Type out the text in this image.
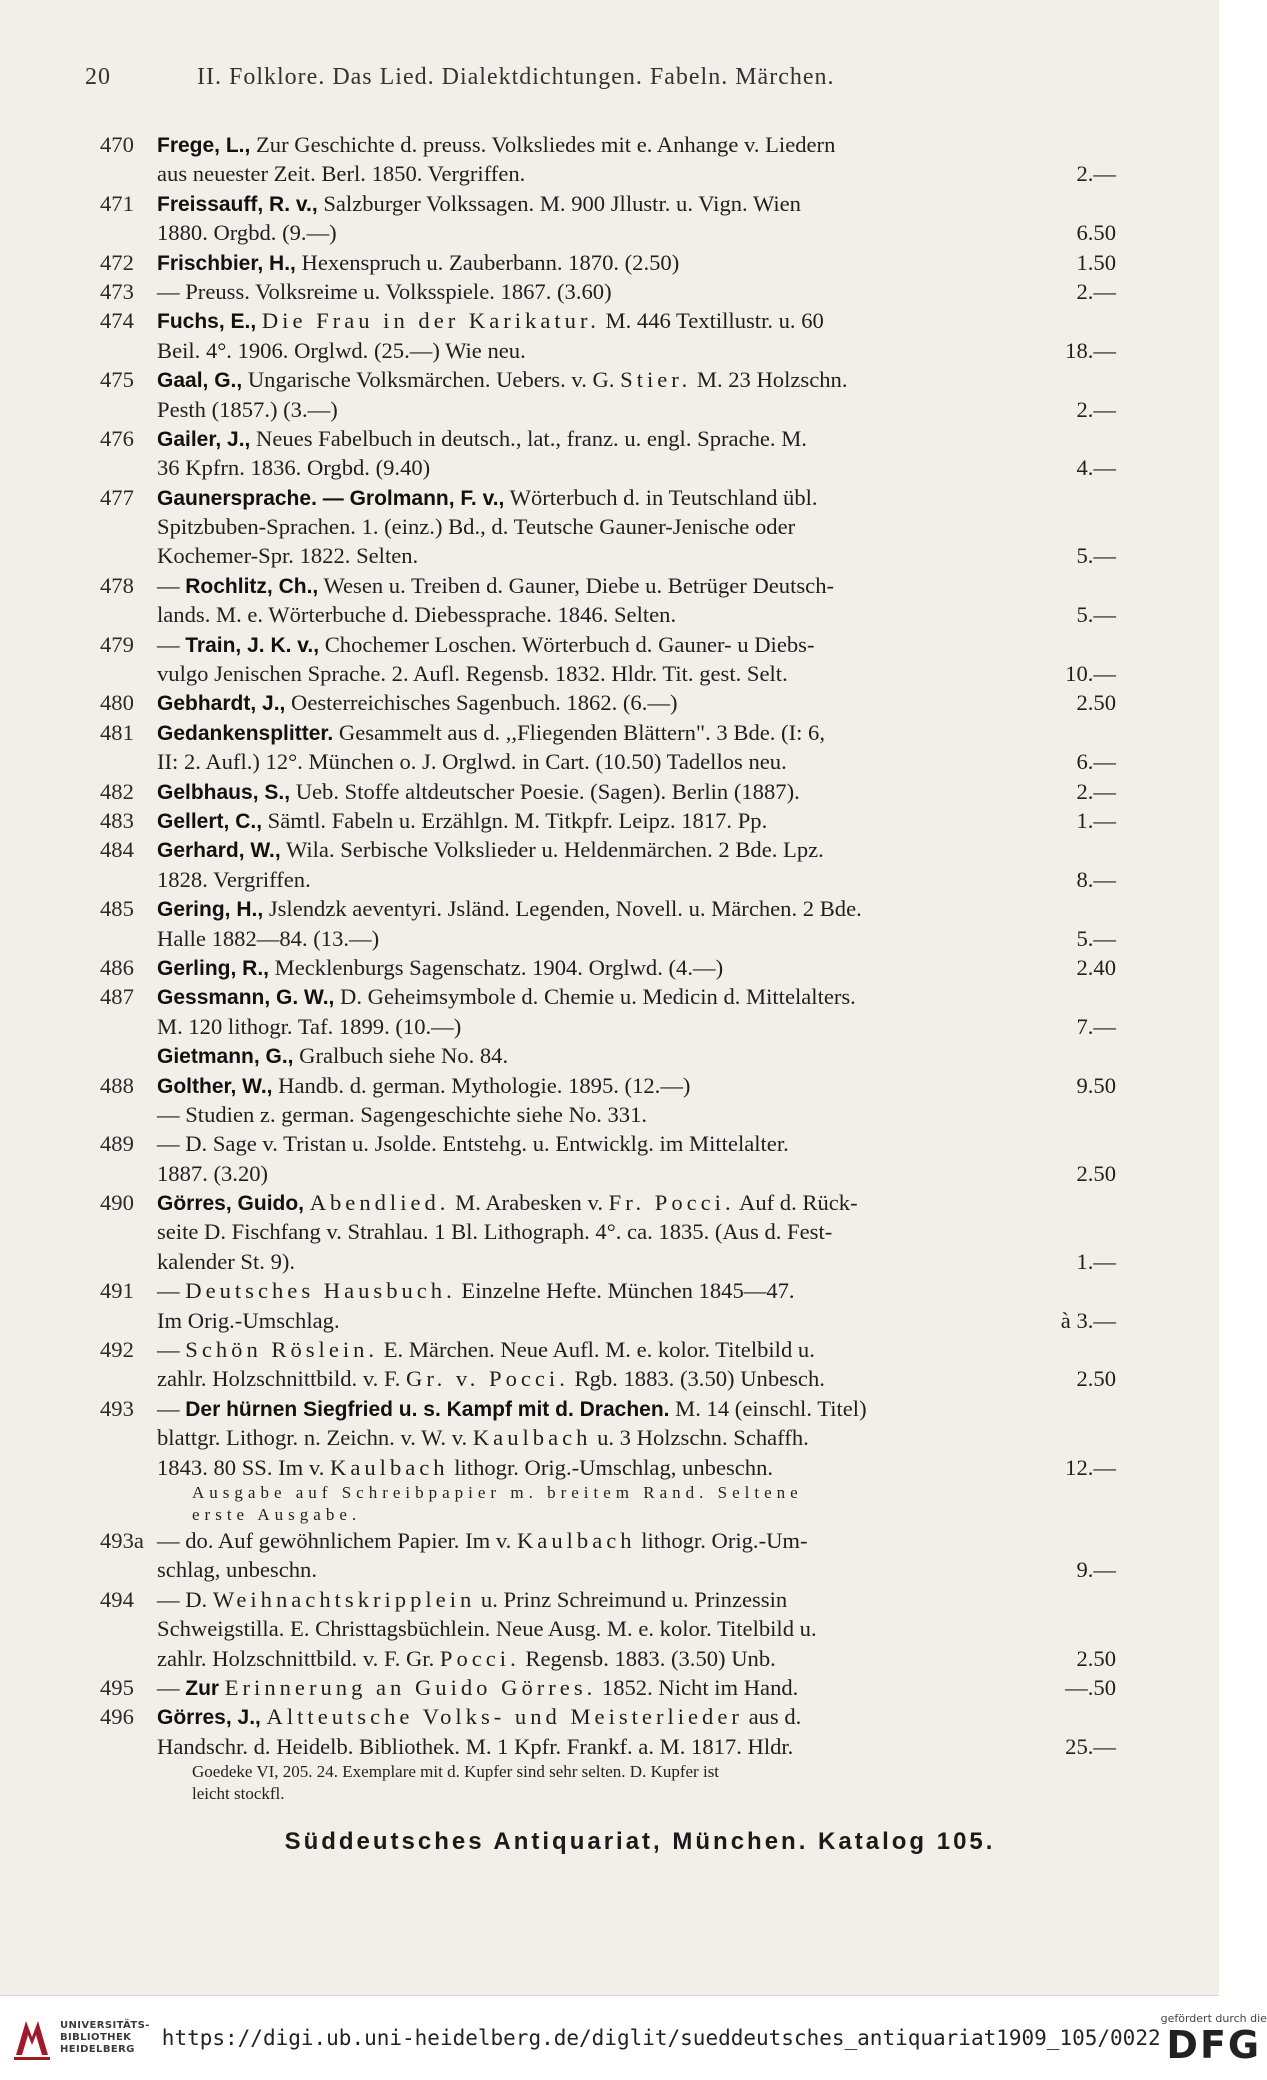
20	II. Folklore. Das Lied. Dialektdichtungen. Fabeln. Märchen.
470	Frege, L., Zur Geschichte d. preuss. Volksliedes mit e. Anhange v. Liedern
aus neuester Zeit. Berl. 1850. Vergriffen.	2.—
471	Freissauff, R. v., Salzburger Volkssagen. M. 900 Jllustr. u. Vign. Wien
1880. Orgbd. (9.—)	6.50
472	Frischbier, H., Hexenspruch u. Zauberbann. 1870. (2.50)	1.50
473	— Preuss. Volksreime u. Volksspiele. 1867. (3.60)	2.—
474	Fuchs, E., Die Frau in der Karikatur. M. 446 Textillustr. u. 60
Beil. 4°. 1906. Orglwd. (25.—) Wie neu.	18.—
475	Gaal, G., Ungarische Volksmärchen. Uebers. v. G. Stier. M. 23 Holzschn.
Pesth (1857.) (3.—)	2.—
476	Gailer, J., Neues Fabelbuch in deutsch., lat., franz. u. engl. Sprache. M.
36 Kpfrn. 1836. Orgbd. (9.40)	4.—
477	Gaunersprache. — Grolmann, F. v., Wörterbuch d. in Teutschland übl.
Spitzbuben-Sprachen. 1. (einz.) Bd., d. Teutsche Gauner-Jenische oder
Kochemer-Spr. 1822. Selten.	5.—
478	— Rochlitz, Ch., Wesen u. Treiben d. Gauner, Diebe u. Betrüger Deutsch-
lands. M. e. Wörterbuche d. Diebessprache. 1846. Selten.	5.—
479	— Train, J. K. v., Chochemer Loschen. Wörterbuch d. Gauner- u Diebs-
vulgo Jenischen Sprache. 2. Aufl. Regensb. 1832. Hldr. Tit. gest. Selt.	10.—
480	Gebhardt, J., Oesterreichisches Sagenbuch. 1862. (6.—)	2.50
481	Gedankensplitter. Gesammelt aus d. ,,Fliegenden Blättern". 3 Bde. (I: 6,
II: 2. Aufl.) 12°. München o. J. Orglwd. in Cart. (10.50) Tadellos neu.	6.—
482	Gelbhaus, S., Ueb. Stoffe altdeutscher Poesie. (Sagen). Berlin (1887).	2.—
483	Gellert, C., Sämtl. Fabeln u. Erzählgn. M. Titkpfr. Leipz. 1817. Pp.	1.—
484	Gerhard, W., Wila. Serbische Volkslieder u. Heldenmärchen. 2 Bde. Lpz.
1828. Vergriffen.	8.—
485	Gering, H., Jslendzk aeventyri. Jsländ. Legenden, Novell. u. Märchen. 2 Bde.
Halle 1882—84. (13.—)	5.—
486	Gerling, R., Mecklenburgs Sagenschatz. 1904. Orglwd. (4.—)	2.40
487	Gessmann, G. W., D. Geheimsymbole d. Chemie u. Medicin d. Mittelalters.
M. 120 lithogr. Taf. 1899. (10.—)	7.—
Gietmann, G., Gralbuch siehe No. 84.
488	Golther, W., Handb. d. german. Mythologie. 1895. (12.—)	9.50
— Studien z. german. Sagengeschichte siehe No. 331.
489	— D. Sage v. Tristan u. Jsolde. Entstehg. u. Entwicklg. im Mittelalter.
1887. (3.20)	2.50
490	Görres, Guido, Abendlied. M. Arabesken v. Fr. Pocci. Auf d. Rück-
seite D. Fischfang v. Strahlau. 1 Bl. Lithograph. 4°. ca. 1835. (Aus d. Fest-
kalender St. 9).	1.—
491	— Deutsches Hausbuch. Einzelne Hefte. München 1845—47.
Im Orig.-Umschlag.	à 3.—
492	— Schön Röslein. E. Märchen. Neue Aufl. M. e. kolor. Titelbild u.
zahlr. Holzschnittbild. v. F. Gr. v. Pocci. Rgb. 1883. (3.50) Unbesch.	2.50
493	— Der hürnen Siegfried u. s. Kampf mit d. Drachen. M. 14 (einschl. Titel)
blattgr. Lithogr. n. Zeichn. v. W. v. Kaulbach u. 3 Holzschn. Schaffh.
1843. 80 SS. Im v. Kaulbach lithogr. Orig.-Umschlag, unbeschn.	12.—
Ausgabe auf Schreibpapier m. breitem Rand. Seltene
erste Ausgabe.
493a — do. Auf gewöhnlichem Papier. Im v. Kaulbach lithogr. Orig.-Um-
schlag, unbeschn.	9.—
494	— D. Weihnachtskripplein u. Prinz Schreimund u. Prinzessin
Schweigstilla. E. Christtagsbüchlein. Neue Ausg. M. e. kolor. Titelbild u.
zahlr. Holzschnittbild. v. F. Gr. Pocci. Regensb. 1883. (3.50) Unb.	2.50
495	— Zur Erinnerung an Guido Görres. 1852. Nicht im Hand.	—.50
496	Görres, J., Altteutsche Volks- und Meisterlieder aus d.
Handschr. d. Heidelb. Bibliothek. M. 1 Kpfr. Frankf. a. M. 1817. Hldr.	25.—
Goedeke VI, 205. 24. Exemplare mit d. Kupfer sind sehr selten. D. Kupfer ist
leicht stockfl.
Süddeutsches Antiquariat, München. Katalog 105.
UNIVERSITÄTS-
BIBLIOTHEK
HEIDELBERG	https://digi.ub.uni-heidelberg.de/diglit/sueddeutsches_antiquariat1909_105/0022
gefördert durch die
DFG
